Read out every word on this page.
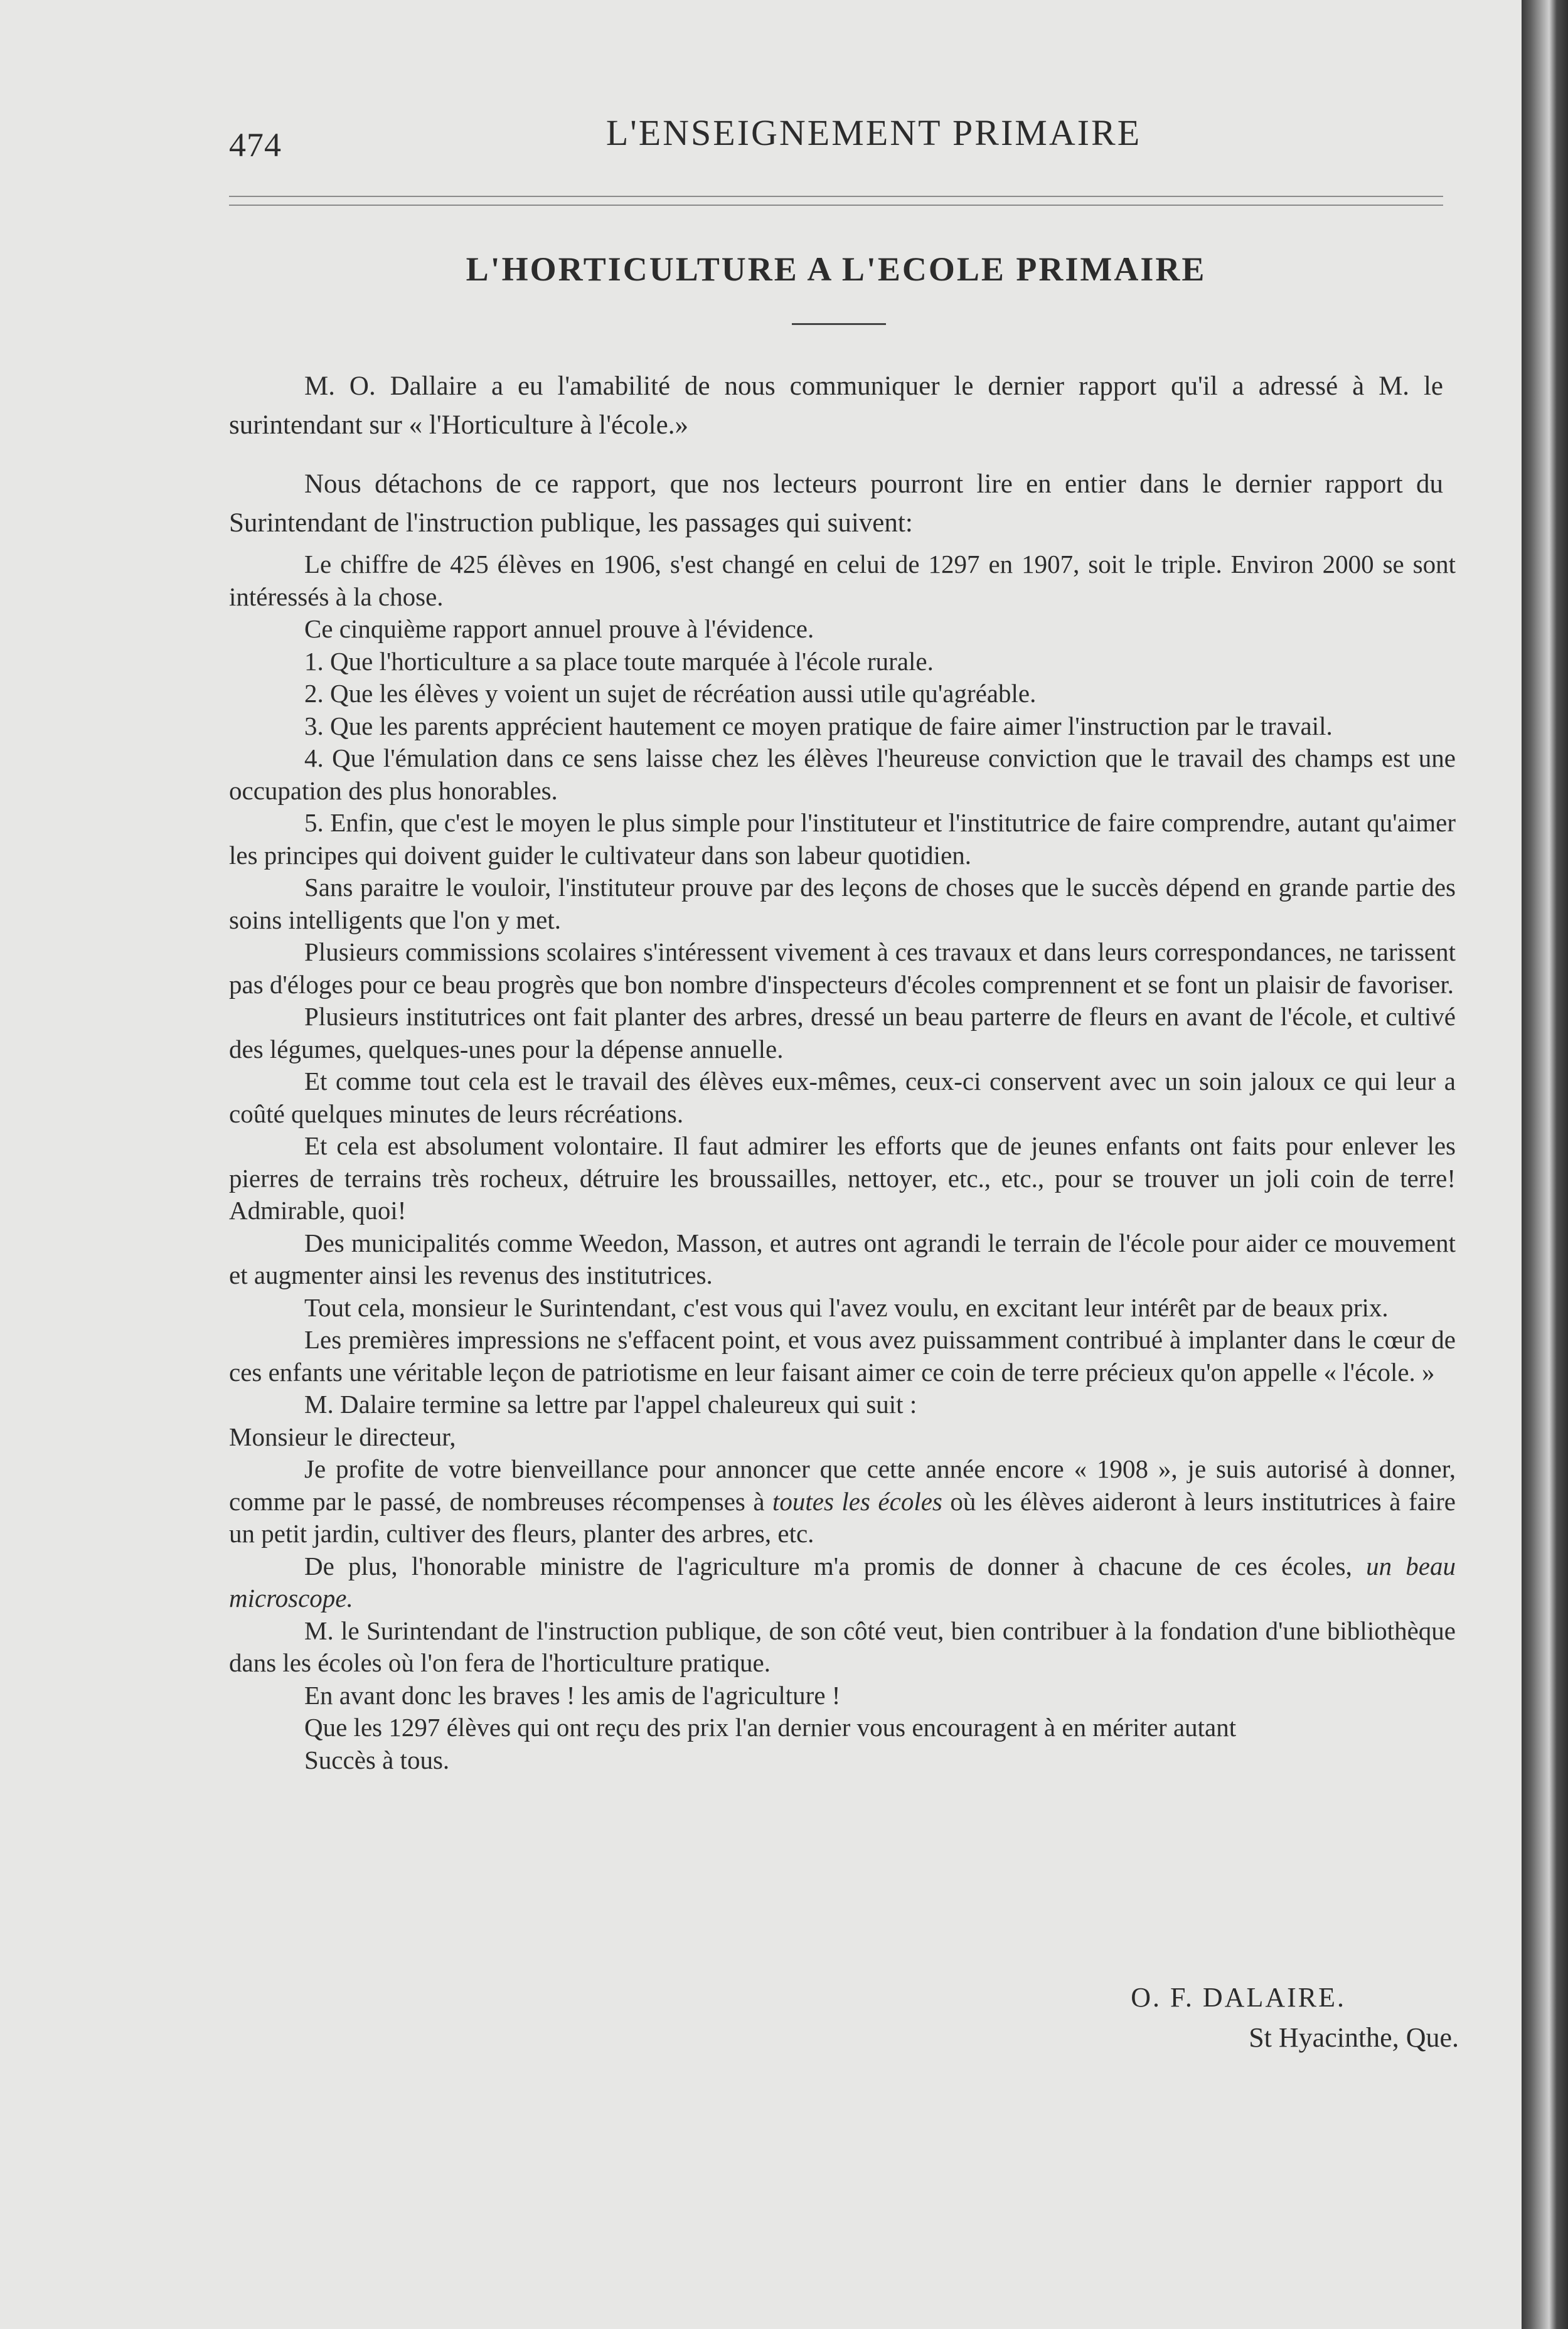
474	L'ENSEIGNEMENT PRIMAIRE
L'HORTICULTURE A L'ECOLE PRIMAIRE

M. O. Dallaire a eu l'amabilité de nous communiquer le dernier rapport qu'il a adressé à M. le surintendant sur « l'Horticulture à l'école.»

Nous détachons de ce rapport, que nos lecteurs pourront lire en entier dans le dernier rapport du Surintendant de l'instruction publique, les passages qui suivent:

Le chiffre de 425 élèves en 1906, s'est changé en celui de 1297 en 1907, soit le triple. Environ 2000 se sont intéressés à la chose.

Ce cinquième rapport annuel prouve à l'évidence.

1. Que l'horticulture a sa place toute marquée à l'école rurale.

2. Que les élèves y voient un sujet de récréation aussi utile qu'agréable.

3. Que les parents apprécient hautement ce moyen pratique de faire aimer l'instruction par le travail.

4. Que l'émulation dans ce sens laisse chez les élèves l'heureuse conviction que le travail des champs est une occupation des plus honorables.

5. Enfin, que c'est le moyen le plus simple pour l'instituteur et l'institutrice de faire comprendre, autant qu'aimer les principes qui doivent guider le cultivateur dans son labeur quotidien.

Sans paraitre le vouloir, l'instituteur prouve par des leçons de choses que le succès dépend en grande partie des soins intelligents que l'on y met.

Plusieurs commissions scolaires s'intéressent vivement à ces travaux et dans leurs correspondances, ne tarissent pas d'éloges pour ce beau progrès que bon nombre d'inspecteurs d'écoles comprennent et se font un plaisir de favoriser.

Plusieurs institutrices ont fait planter des arbres, dressé un beau parterre de fleurs en avant de l'école, et cultivé des légumes, quelques-unes pour la dépense annuelle.

Et comme tout cela est le travail des élèves eux-mêmes, ceux-ci conservent avec un soin jaloux ce qui leur a coûté quelques minutes de leurs récréations.

Et cela est absolument volontaire. Il faut admirer les efforts que de jeunes enfants ont faits pour enlever les pierres de terrains très rocheux, détruire les broussailles, nettoyer, etc., etc., pour se trouver un joli coin de terre! Admirable, quoi!

Des municipalités comme Weedon, Masson, et autres ont agrandi le terrain de l'école pour aider ce mouvement et augmenter ainsi les revenus des institutrices.

Tout cela, monsieur le Surintendant, c'est vous qui l'avez voulu, en excitant leur intérêt par de beaux prix.

Les premières impressions ne s'effacent point, et vous avez puissamment contribué à implanter dans le cœur de ces enfants une véritable leçon de patriotisme en leur faisant aimer ce coin de terre précieux qu'on appelle « l'école. »

M. Dalaire termine sa lettre par l'appel chaleureux qui suit :

Monsieur le directeur,

Je profite de votre bienveillance pour annoncer que cette année encore « 1908 », je suis autorisé à donner, comme par le passé, de nombreuses récompenses à toutes les écoles où les élèves aideront à leurs institutrices à faire un petit jardin, cultiver des fleurs, planter des arbres, etc.

De plus, l'honorable ministre de l'agriculture m'a promis de donner à chacune de ces écoles, un beau microscope.

M. le Surintendant de l'instruction publique, de son côté veut, bien contribuer à la fondation d'une bibliothèque dans les écoles où l'on fera de l'horticulture pratique.

En avant donc les braves ! les amis de l'agriculture !

Que les 1297 élèves qui ont reçu des prix l'an dernier vous encouragent à en mériter autant

Succès à tous.

O. F. DALAIRE.
St Hyacinthe, Que.
